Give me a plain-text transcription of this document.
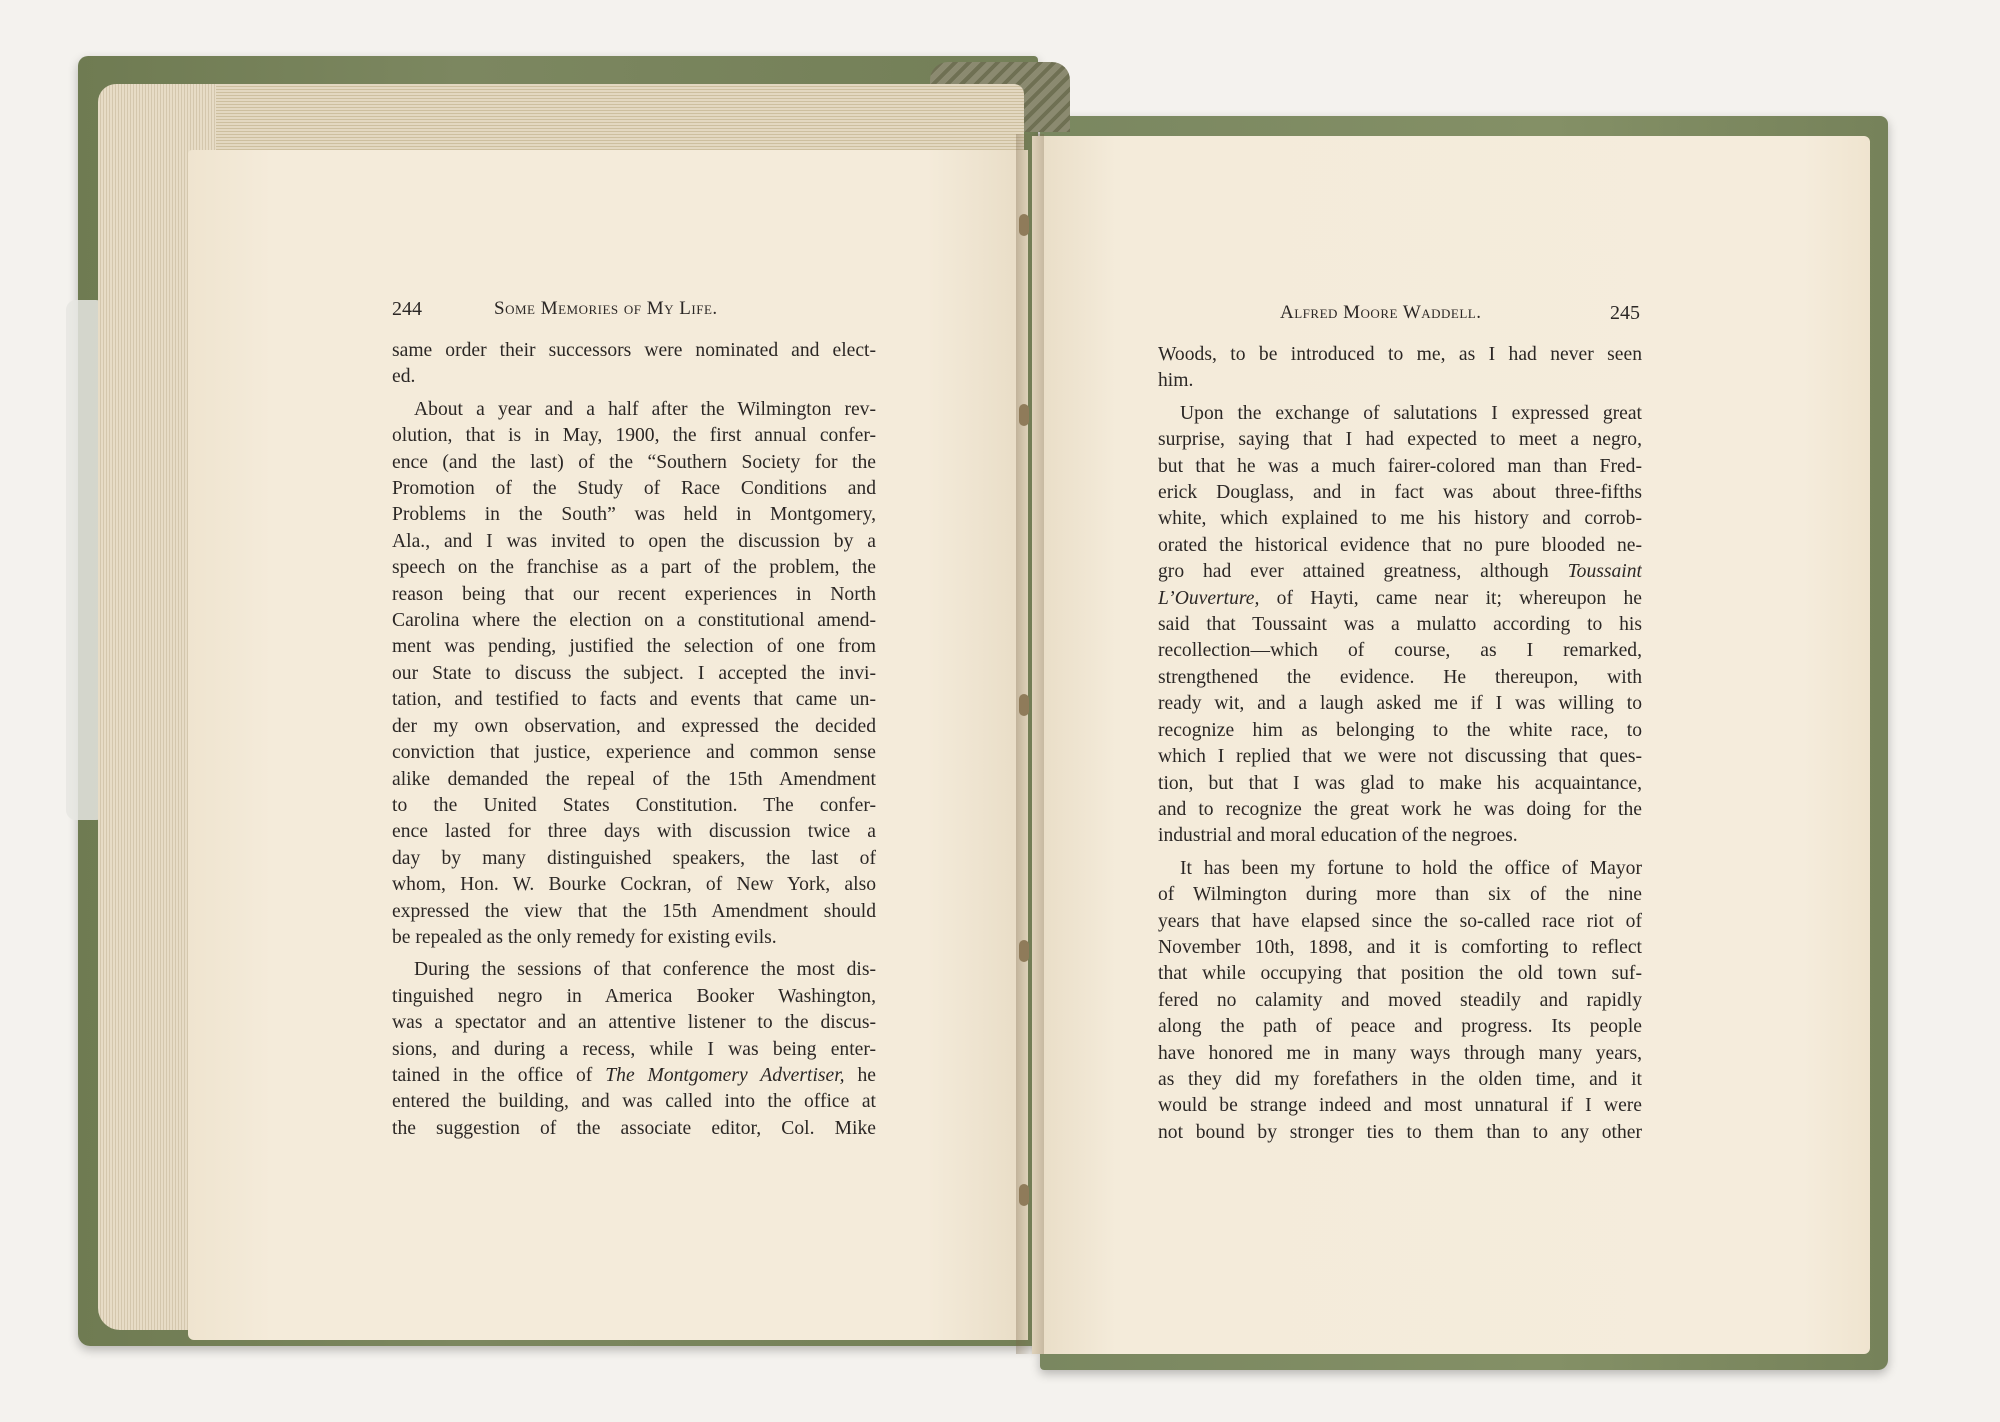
244	Some Memories of My Life.
same order their successors were nominated and elect-
ed.
About a year and a half after the Wilmington rev-
olution, that is in May, 1900, the first annual confer-
ence (and the last) of the “Southern Society for the
Promotion of the Study of Race Conditions and
Problems in the South” was held in Montgomery,
Ala., and I was invited to open the discussion by a
speech on the franchise as a part of the problem, the
reason being that our recent experiences in North
Carolina where the election on a constitutional amend-
ment was pending, justified the selection of one from
our State to discuss the subject. I accepted the invi-
tation, and testified to facts and events that came un-
der my own observation, and expressed the decided
conviction that justice, experience and common sense
alike demanded the repeal of the 15th Amendment
to the United States Constitution. The confer-
ence lasted for three days with discussion twice a
day by many distinguished speakers, the last of
whom, Hon. W. Bourke Cockran, of New York, also
expressed the view that the 15th Amendment should
be repealed as the only remedy for existing evils.
During the sessions of that conference the most dis-
tinguished negro in America Booker Washington,
was a spectator and an attentive listener to the discus-
sions, and during a recess, while I was being enter-
tained in the office of The Montgomery Advertiser, he
entered the building, and was called into the office at
the suggestion of the associate editor, Col. Mike
Alfred Moore Waddell.	245
Woods, to be introduced to me, as I had never seen
him.
Upon the exchange of salutations I expressed great
surprise, saying that I had expected to meet a negro,
but that he was a much fairer-colored man than Fred-
erick Douglass, and in fact was about three-fifths
white, which explained to me his history and corrob-
orated the historical evidence that no pure blooded ne-
gro had ever attained greatness, although Toussaint
L’Ouverture, of Hayti, came near it; whereupon he
said that Toussaint was a mulatto according to his
recollection—which of course, as I remarked,
strengthened the evidence. He thereupon, with
ready wit, and a laugh asked me if I was willing to
recognize him as belonging to the white race, to
which I replied that we were not discussing that ques-
tion, but that I was glad to make his acquaintance,
and to recognize the great work he was doing for the
industrial and moral education of the negroes.
It has been my fortune to hold the office of Mayor
of Wilmington during more than six of the nine
years that have elapsed since the so-called race riot of
November 10th, 1898, and it is comforting to reflect
that while occupying that position the old town suf-
fered no calamity and moved steadily and rapidly
along the path of peace and progress. Its people
have honored me in many ways through many years,
as they did my forefathers in the olden time, and it
would be strange indeed and most unnatural if I were
not bound by stronger ties to them than to any other
